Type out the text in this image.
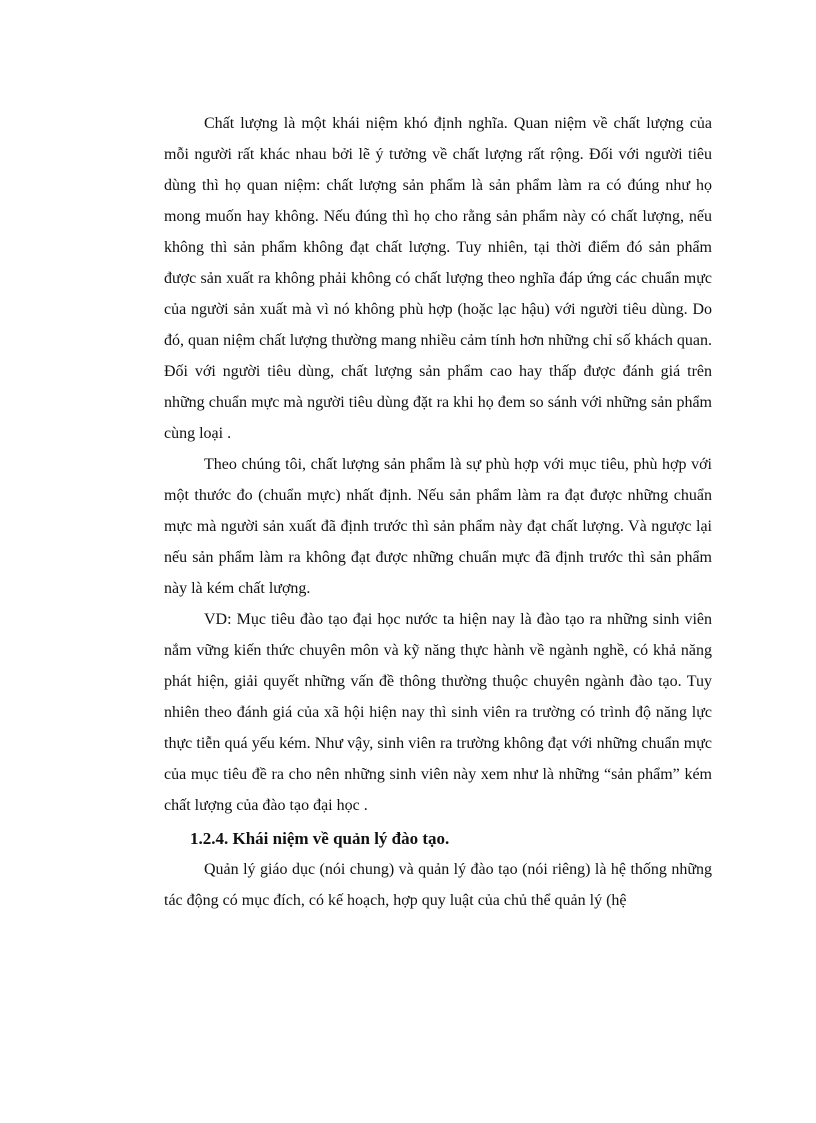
Chất lượng là một khái niệm khó định nghĩa. Quan niệm về chất lượng của mỗi người rất khác nhau bởi lẽ ý tưởng về chất lượng rất rộng. Đối với người tiêu dùng thì họ quan niệm: chất lượng sản phẩm là sản phẩm làm ra có đúng như họ mong muốn hay không. Nếu đúng thì họ cho rằng sản phẩm này có chất lượng, nếu không thì sản phẩm không đạt chất lượng. Tuy nhiên, tại thời điểm đó sản phẩm được sản xuất ra không phải không có chất lượng theo nghĩa đáp ứng các chuẩn mực của người sản xuất mà vì nó không phù hợp (hoặc lạc hậu) với người tiêu dùng. Do đó, quan niệm chất lượng thường mang nhiều cảm tính hơn những chỉ số khách quan. Đối với người tiêu dùng, chất lượng sản phẩm cao hay thấp được đánh giá trên những chuẩn mực mà người tiêu dùng đặt ra khi họ đem so sánh với những sản phẩm cùng loại .

Theo chúng tôi, chất lượng sản phẩm là sự phù hợp với mục tiêu, phù hợp với một thước đo (chuẩn mực) nhất định. Nếu sản phẩm làm ra đạt được những chuẩn mực mà người sản xuất đã định trước thì sản phẩm này đạt chất lượng. Và ngược lại nếu sản phẩm làm ra không đạt được những chuẩn mực đã định trước thì sản phẩm này là kém chất lượng.

VD: Mục tiêu đào tạo đại học nước ta hiện nay là đào tạo ra những sinh viên nắm vững kiến thức chuyên môn và kỹ năng thực hành về ngành nghề, có khả năng phát hiện, giải quyết những vấn đề thông thường thuộc chuyên ngành đào tạo. Tuy nhiên theo đánh giá của xã hội hiện nay thì sinh viên ra trường có trình độ năng lực thực tiễn quá yếu kém. Như vậy, sinh viên ra trường không đạt với những chuẩn mực của mục tiêu đề ra cho nên những sinh viên này xem như là những “sản phẩm” kém chất lượng của đào tạo đại học .

1.2.4. Khái niệm về quản lý đào tạo.

Quản lý giáo dục (nói chung) và quản lý đào tạo (nói riêng) là hệ thống những tác động có mục đích, có kế hoạch, hợp quy luật của chủ thể quản lý (hệ
